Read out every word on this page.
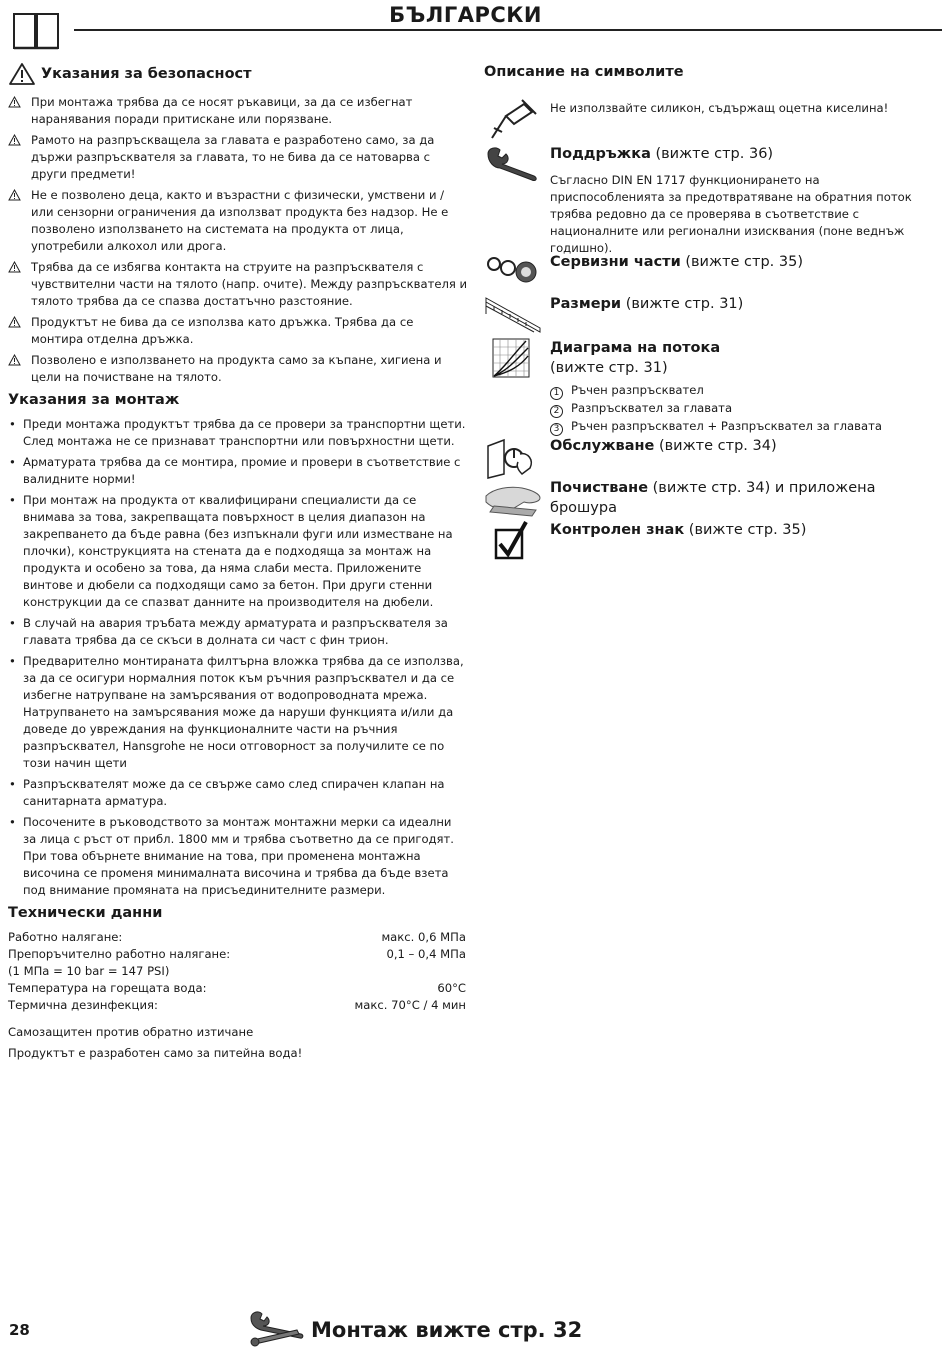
БЪЛГАРСКИ
Указания за безопасност
При монтажа трябва да се носят ръкавици, за да се избегнат наранявания поради притискане или порязване.
Рамото на разпръскващела за главата е разработено само, за да държи разпръсквателя за главата, то не бива да се натоварва с други предмети!
Не е позволено деца, както и възрастни с физически, умствени и / или сензорни ограничения да използват продукта без надзор. Не е позволено използването на системата на продукта от лица, употребили алкохол или дрога.
Трябва да се избягва контакта на струите на разпръсквателя с чувствителни части на тялото (напр. очите). Между разпръсквателя и тялото трябва да се спазва достатъчно разстояние.
Продуктът не бива да се използва като дръжка. Трябва да се монтира отделна дръжка.
Позволено е използването на продукта само за къпане, хигиена и цели на почистване на тялото.
Указания за монтаж
• Преди монтажа продуктът трябва да се провери за транспортни щети. След монтажа не се признават транспортни или повърхностни щети.
• Арматурата трябва да се монтира, промие и провери в съответствие с валидните норми!
• При монтаж на продукта от квалифицирани специалисти да се внимава за това, закрепващата повърхност в целия диапазон на закрепването да бъде равна (без изпъкнали фуги или изместване на плочки), конструкцията на стената да е подходяща за монтаж на продукта и особено за това, да няма слаби места. Приложените винтове и дюбели са подходящи само за бетон. При други стенни конструкции да се спазват данните на производителя на дюбели.
• В случай на авария тръбата между арматурата и разпръсквателя за главата трябва да се скъси в долната си част с фин трион.
• Предварително монтираната филтърна вложка трябва да се използва, за да се осигури нормалния поток към ръчния разпръсквател и да се избегне натрупване на замърсявания от водопроводната мрежа. Натрупването на замърсявания може да наруши функцията и/или да доведе до увреждания на функционалните части на ръчния разпръсквател, Hansgrohe не носи отговорност за получилите се по този начин щети
• Разпръсквателят може да се свърже само след спирачен клапан на санитарната арматура.
• Посочените в ръководството за монтаж монтажни мерки са идеални за лица с ръст от прибл. 1800 мм и трябва съответно да се пригодят. При това обърнете внимание на това, при променена монтажна височина се променя минималната височина и трябва да бъде взета под внимание промяната на присъединителните размери.
Технически данни
Работно налягане:	макс. 0,6 МПа
Препоръчително работно налягане:	0,1 – 0,4 МПа
(1 МПа = 10 bar = 147 PSI)
Температура на горещата вода:	60°C
Термична дезинфекция:	макс. 70°C / 4 мин
Самозащитен против обратно изтичане
Продуктът е разработен само за питейна вода!
Описание на символите
Не използвайте силикон, съдържащ оцетна киселина!
Поддръжка (вижте стр. 36)
Съгласно DIN EN 1717 функционирането на приспособленията за предотвратяване на обратния поток трябва редовно да се проверява в съответствие с националните или регионални изисквания (поне веднъж годишно).
Сервизни части (вижте стр. 35)
Размери (вижте стр. 31)
Диаграма на потока
(вижте стр. 31)
1 Ръчен разпръсквател
2 Разпръсквател за главата
3 Ръчен разпръсквател + Разпръсквател за главата
Обслужване (вижте стр. 34)
Почистване (вижте стр. 34) и приложена брошура
Контролен знак (вижте стр. 35)
28	Монтаж вижте стр. 32
